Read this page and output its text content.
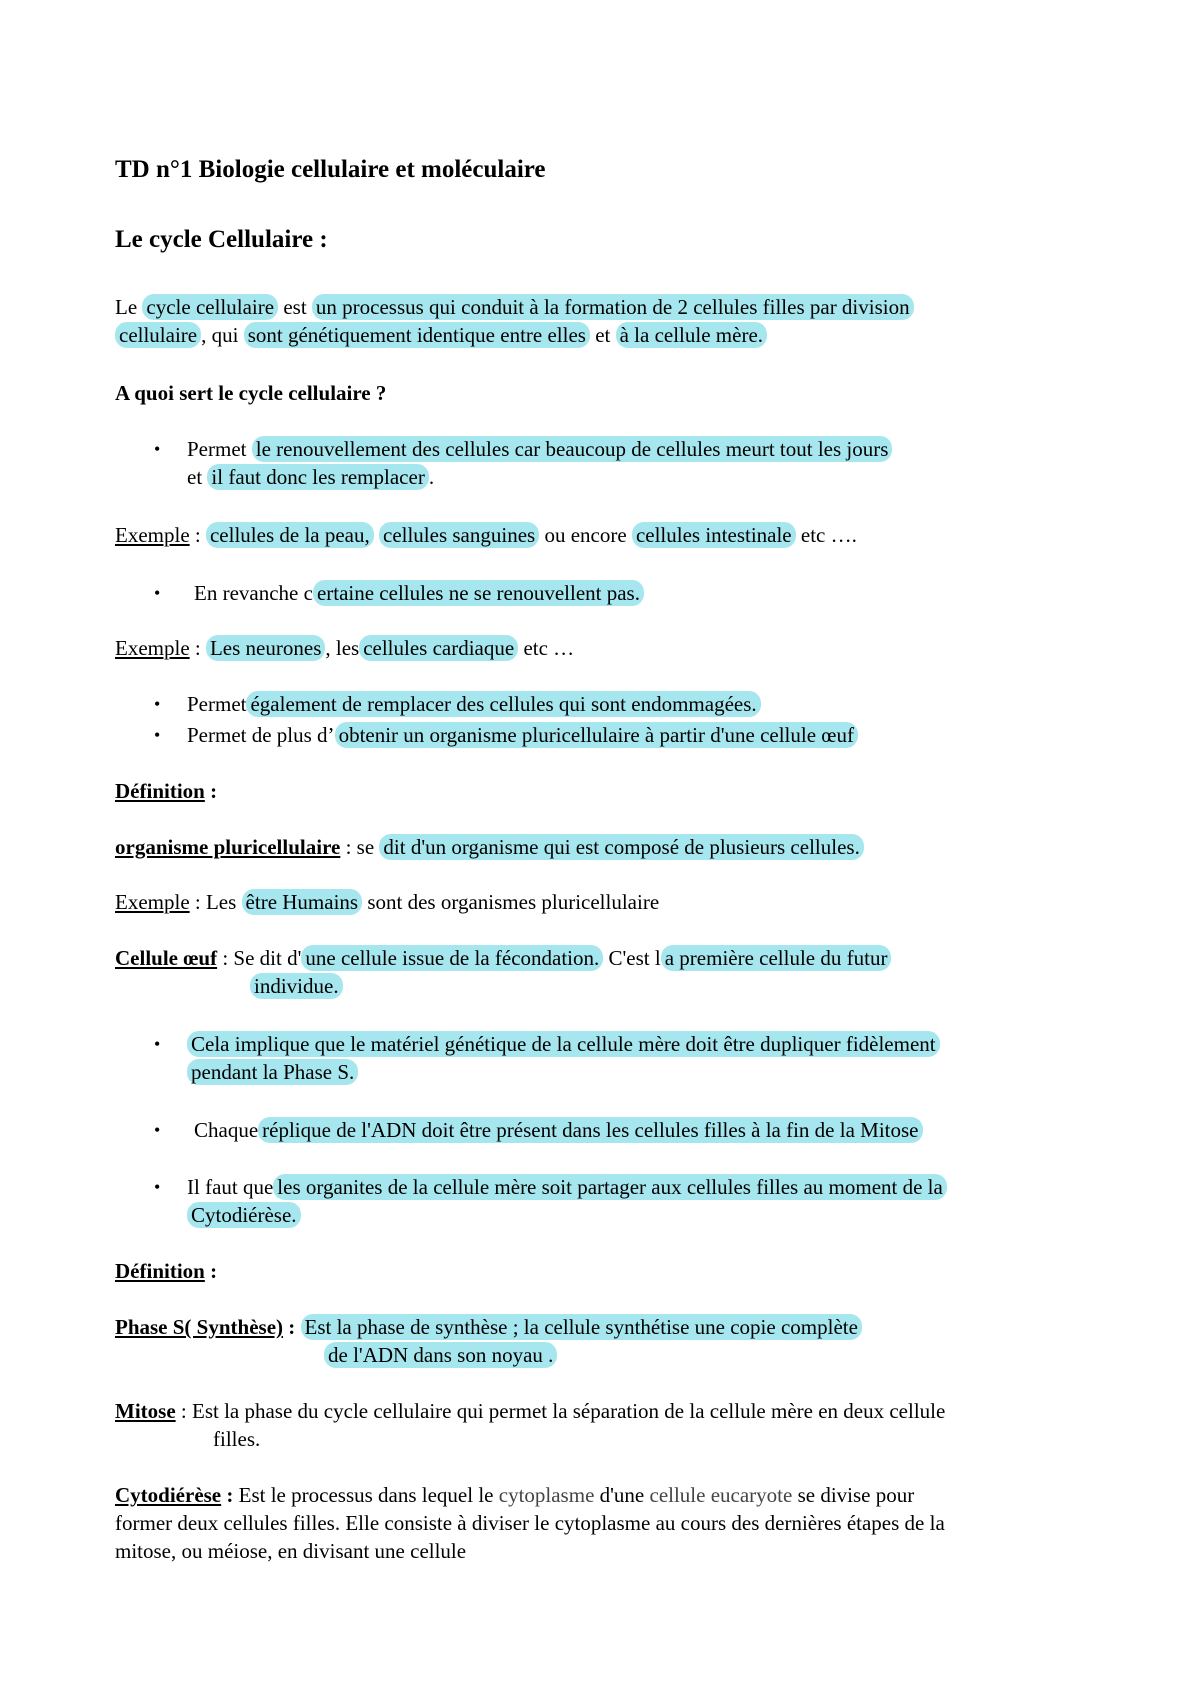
TD n°1 Biologie cellulaire et moléculaire
Le cycle Cellulaire :
Le cycle cellulaire est un processus qui conduit à la formation de 2 cellules filles par division
cellulaire , qui sont génétiquement identique entre elles et à la cellule mère.
A quoi sert le cycle cellulaire ?
• Permet le renouvellement des cellules car beaucoup de cellules meurt tout les jours
et il faut donc les remplacer .
Exemple : cellules de la peau, cellules sanguines ou encore cellules intestinale etc ….
• En revanche c ertaine cellules ne se renouvellent pas.
Exemple : Les neurones , les cellules cardiaque etc …
• Permet également de remplacer des cellules qui sont endommagées.
• Permet de plus d’ obtenir un organisme pluricellulaire à partir d'une cellule œuf
Définition :
organisme pluricellulaire : se dit d'un organisme qui est composé de plusieurs cellules.
Exemple : Les être Humains sont des organismes pluricellulaire
Cellule œuf : Se dit d' une cellule issue de la fécondation. C'est l a première cellule du futur
individue.
• Cela implique que le matériel génétique de la cellule mère doit être dupliquer fidèlement
pendant la Phase S.
• Chaque réplique de l'ADN doit être présent dans les cellules filles à la fin de la Mitose
• Il faut que les organites de la cellule mère soit partager aux cellules filles au moment de la
Cytodiérèse.
Définition :
Phase S( Synthèse) : Est la phase de synthèse ; la cellule synthétise une copie complète
de l'ADN dans son noyau .
Mitose : Est la phase du cycle cellulaire qui permet la séparation de la cellule mère en deux cellule
filles.
Cytodiérèse : Est le processus dans lequel le cytoplasme d'une cellule eucaryote se divise pour
former deux cellules filles. Elle consiste à diviser le cytoplasme au cours des dernières étapes de la
mitose, ou méiose, en divisant une cellule
